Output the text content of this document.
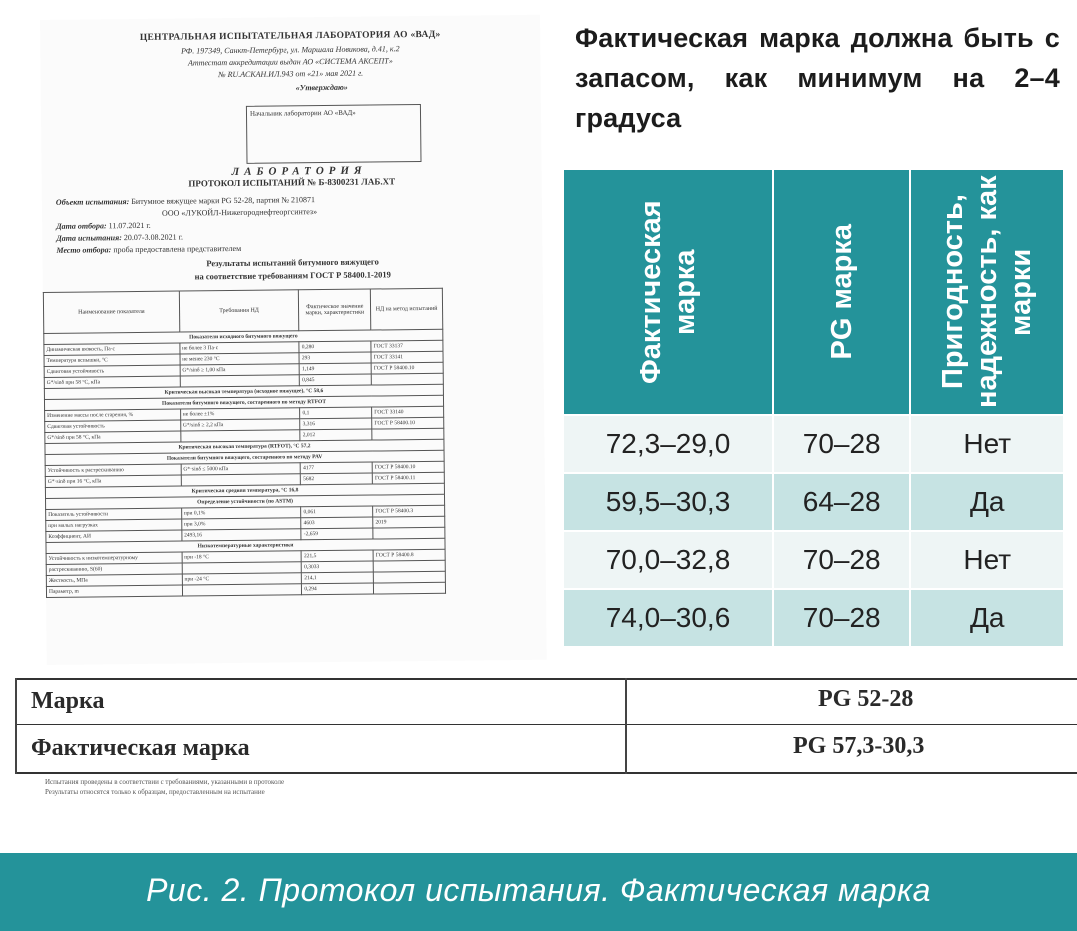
ЦЕНТРАЛЬНАЯ ИСПЫТАТЕЛЬНАЯ ЛАБОРАТОРИЯ АО «ВАД»
РФ. 197349, Санкт-Петербург, ул. Маршала Новикова, д.41, к.2
Аттестат аккредитации выдан АО «СИСТЕМА АКСЕПТ»
№ RU.АСКАН.ИЛ.943 от «21» мая 2021 г.
«Утверждаю»
Начальник лаборатории АО «ВАД»
ЛАБОРАТОРИЯ
ПРОТОКОЛ ИСПЫТАНИЙ № Б-8300231 ЛАБ.ХТ
Объект испытания: Битумное вяжущее марки PG 52-28, партия № 210871
ООО «ЛУКОЙЛ-Нижегороднефтеоргсинтез»
Дата отбора: 11.07.2021 г.
Дата испытания: 20.07-3.08.2021 г.
Место отбора: проба предоставлена представителем
Результаты испытаний битумного вяжущего
на соответствие требованиям ГОСТ Р 58400.1-2019
Наименование показателя	Требования НД	Фактическое значение марки, характеристики	НД на метод испытаний
Показатели исходного битумного вяжущего			
Динамическая вязкость, Па·с	не более 3 Па·с	0,280	ГОСТ 33137
Температура вспышки, °С	не менее 230 °С	293	ГОСТ 33141
Сдвиговая устойчивость	G*/sinδ ≥ 1,00 кПа	1,149	ГОСТ Р 58400.10
G*/sinδ при 58 °С, кПа		0,845	
Критическая высокая температура (исходное вяжущее), °С 58,6			
Показатели битумного вяжущего, состаренного по методу RTFOT			
Изменение массы после старения, %	не более ±1%	0,1	ГОСТ 33140
Сдвиговая устойчивость	G*/sinδ ≥ 2,2 кПа	3,316	ГОСТ Р 58400.10
G*/sinδ при 58 °С, кПа		2,012	
Критическая высокая температура (RTFOT), °С 57,2			
Показатели битумного вяжущего, состаренного по методу PAV			
Устойчивость к растрескиванию	G*·sinδ ≤ 5000 кПа	4177	ГОСТ Р 58400.10
G*·sinδ при 16 °С, кПа		5682	ГОСТ Р 58400.11
Критическая средняя температура, °С 16,8			
Определение устойчивости (по ASTM)			
Показатель устойчивости	при 0,1%	0,061	ГОСТ Р 58400.3
при малых нагрузках	при 3,0%	4603	2019
Коэффициент, АИ	2493,16	-2,659	
Низкотемпературные характеристики			
Устойчивость к низкотемпературному	при -18 °С	221,5	ГОСТ Р 58400.8
растрескиванию, S(60)		0,3033	
Жесткость, МПа	при -24 °С	214,1	
Параметр, m		0,294	
Фактическая марка должна быть с запасом, как минимум на 2–4 градуса
Фактическая марка	PG марка	Пригодность, надежность, как марки

72,3–29,0	70–28	Нет
59,5–30,3	64–28	Да
70,0–32,8	70–28	Нет
74,0–30,6	70–28	Да
Марка	PG 52-28
Фактическая марка	PG 57,3-30,3
Испытания проведены в соответствии с требованиями, указанными в протоколе
Результаты относятся только к образцам, предоставленным на испытание
Рис. 2. Протокол испытания. Фактическая марка
